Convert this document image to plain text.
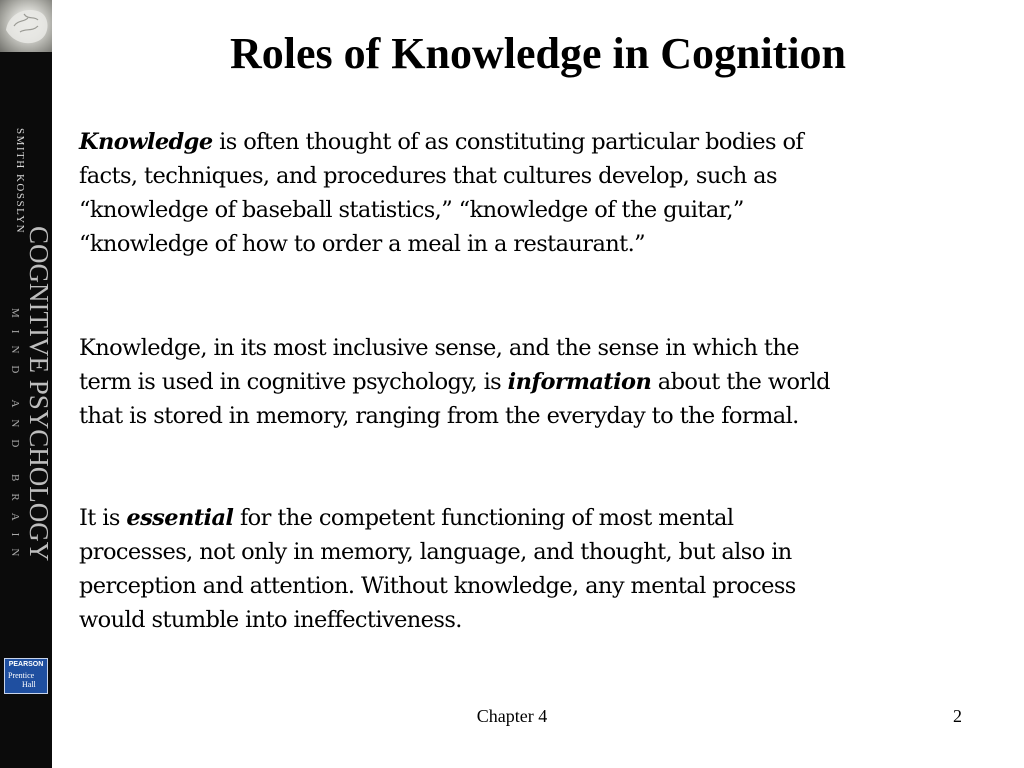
SMITH KOSSLYN
COGNITIVE PSYCHOLOGY
MIND AND BRAIN
PEARSON
Prentice
Hall
Roles of Knowledge in Cognition

Knowledge is often thought of as constituting particular bodies of
facts, techniques, and procedures that cultures develop, such as
“knowledge of baseball statistics,” “knowledge of the guitar,”
“knowledge of how to order a meal in a restaurant.”

Knowledge, in its most inclusive sense, and the sense in which the
term is used in cognitive psychology, is information about the world
that is stored in memory, ranging from the everyday to the formal.

It is essential for the competent functioning of most mental
processes, not only in memory, language, and thought, but also in
perception and attention. Without knowledge, any mental process
would stumble into ineffectiveness.

Chapter 4	2
